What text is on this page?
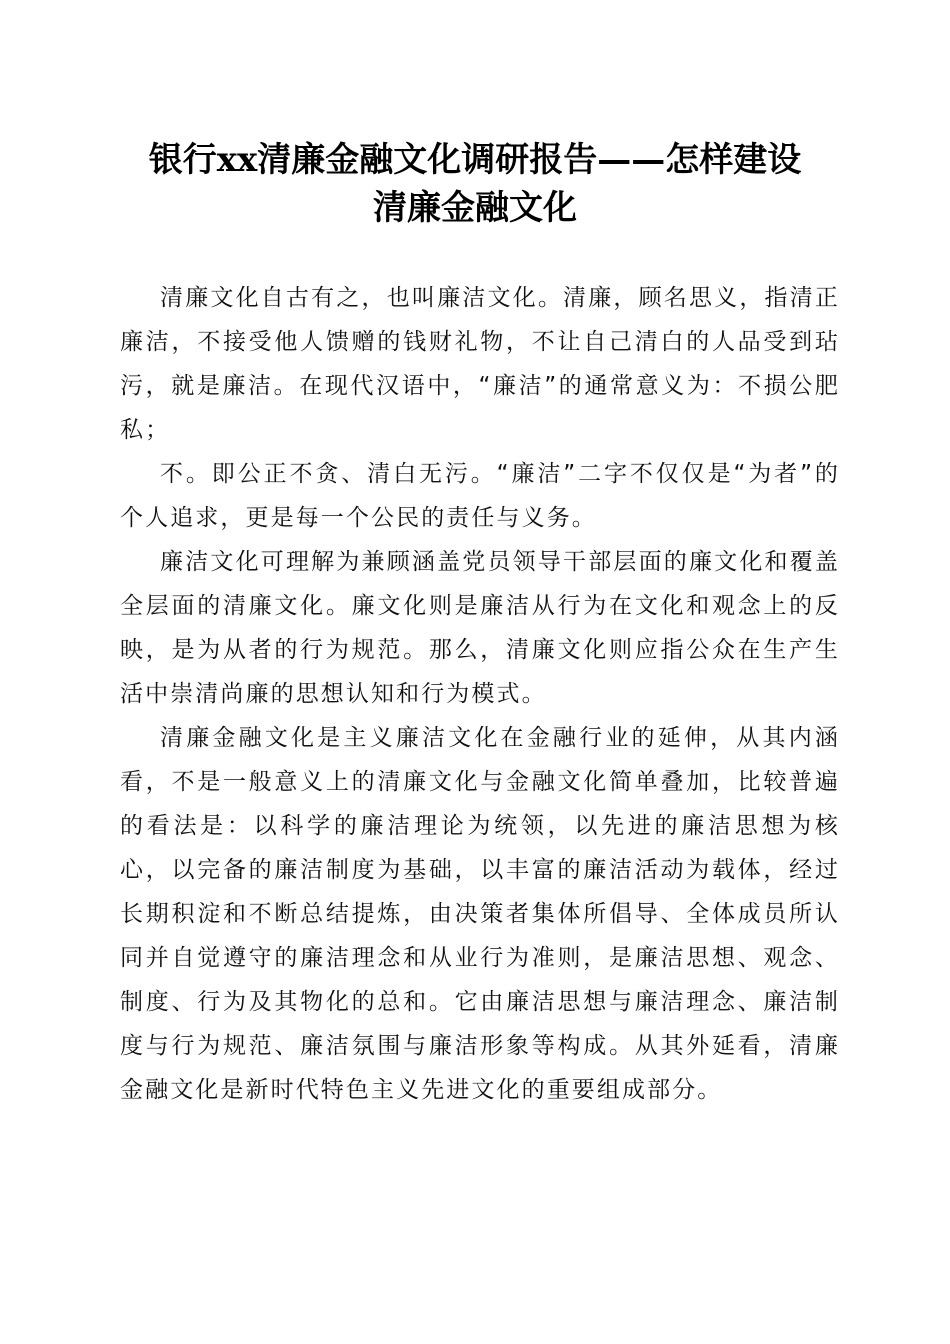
银行xx清廉金融文化调研报告——怎样建设
清廉金融文化

清廉文化自古有之，也叫廉洁文化。清廉，顾名思义，指清正廉洁，不接受他人馈赠的钱财礼物，不让自己清白的人品受到玷污，就是廉洁。在现代汉语中，“廉洁”的通常意义为：不损公肥私；

不。即公正不贪、清白无污。“廉洁”二字不仅仅是“为者”的个人追求，更是每一个公民的责任与义务。

廉洁文化可理解为兼顾涵盖党员领导干部层面的廉文化和覆盖全层面的清廉文化。廉文化则是廉洁从行为在文化和观念上的反映，是为从者的行为规范。那么，清廉文化则应指公众在生产生活中崇清尚廉的思想认知和行为模式。

清廉金融文化是主义廉洁文化在金融行业的延伸，从其内涵看，不是一般意义上的清廉文化与金融文化简单叠加，比较普遍的看法是：以科学的廉洁理论为统领，以先进的廉洁思想为核心，以完备的廉洁制度为基础，以丰富的廉洁活动为载体，经过长期积淀和不断总结提炼，由决策者集体所倡导、全体成员所认同并自觉遵守的廉洁理念和从业行为准则，是廉洁思想、观念、制度、行为及其物化的总和。它由廉洁思想与廉洁理念、廉洁制度与行为规范、廉洁氛围与廉洁形象等构成。从其外延看，清廉金融文化是新时代特色主义先进文化的重要组成部分。
